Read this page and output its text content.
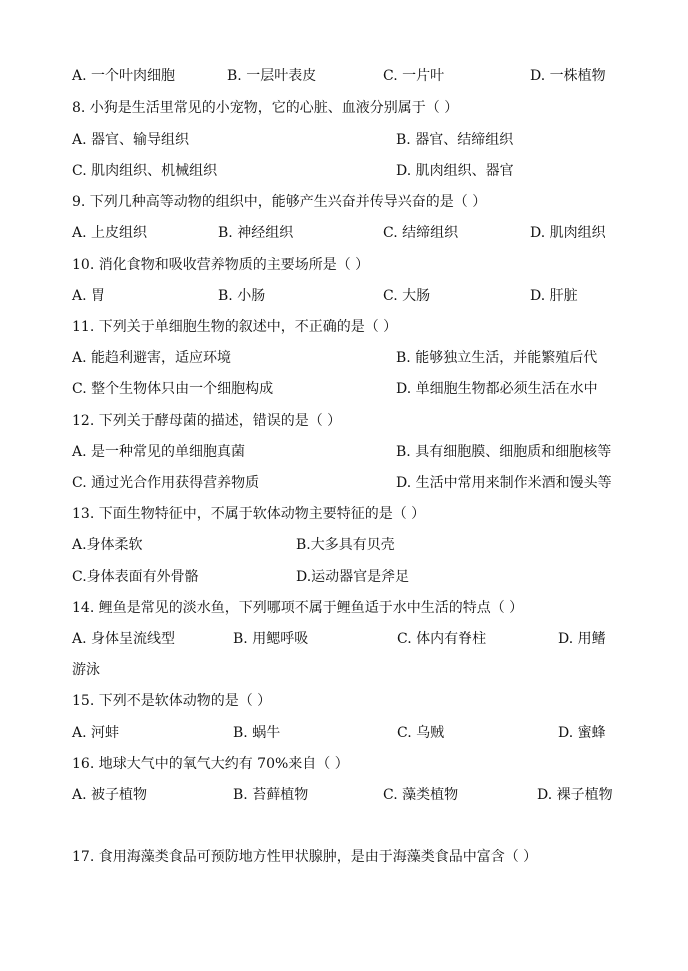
A. 一个叶肉细胞	B. 一层叶表皮	C. 一片叶	D. 一株植物
8. 小狗是生活里常见的小宠物，它的心脏、血液分别属于（ ）
A. 器官、输导组织	B. 器官、结缔组织
C. 肌肉组织、机械组织	D. 肌肉组织、器官
9. 下列几种高等动物的组织中，能够产生兴奋并传导兴奋的是（ ）
A. 上皮组织	B. 神经组织	C. 结缔组织	D. 肌肉组织
10. 消化食物和吸收营养物质的主要场所是（ ）
A. 胃	B. 小肠	C. 大肠	D. 肝脏
11. 下列关于单细胞生物的叙述中，不正确的是（ ）
A. 能趋利避害，适应环境	B. 能够独立生活，并能繁殖后代
C. 整个生物体只由一个细胞构成	D. 单细胞生物都必须生活在水中
12. 下列关于酵母菌的描述，错误的是（ ）
A. 是一种常见的单细胞真菌	B. 具有细胞膜、细胞质和细胞核等
C. 通过光合作用获得营养物质	D. 生活中常用来制作米酒和馒头等
13. 下面生物特征中，不属于软体动物主要特征的是（ ）
A.身体柔软	B.大多具有贝壳
C.身体表面有外骨骼	D.运动器官是斧足
14. 鲤鱼是常见的淡水鱼，下列哪项不属于鲤鱼适于水中生活的特点（ ）
A. 身体呈流线型	B. 用鳃呼吸	C. 体内有脊柱	D. 用鳍
游泳
15. 下列不是软体动物的是（ ）
A. 河蚌	B. 蜗牛	C. 乌贼	D. 蜜蜂
16. 地球大气中的氧气大约有 70%来自（ ）
A. 被子植物	B. 苔藓植物	C. 藻类植物	D. 裸子植物
17. 食用海藻类食品可预防地方性甲状腺肿，是由于海藻类食品中富含（ ）
